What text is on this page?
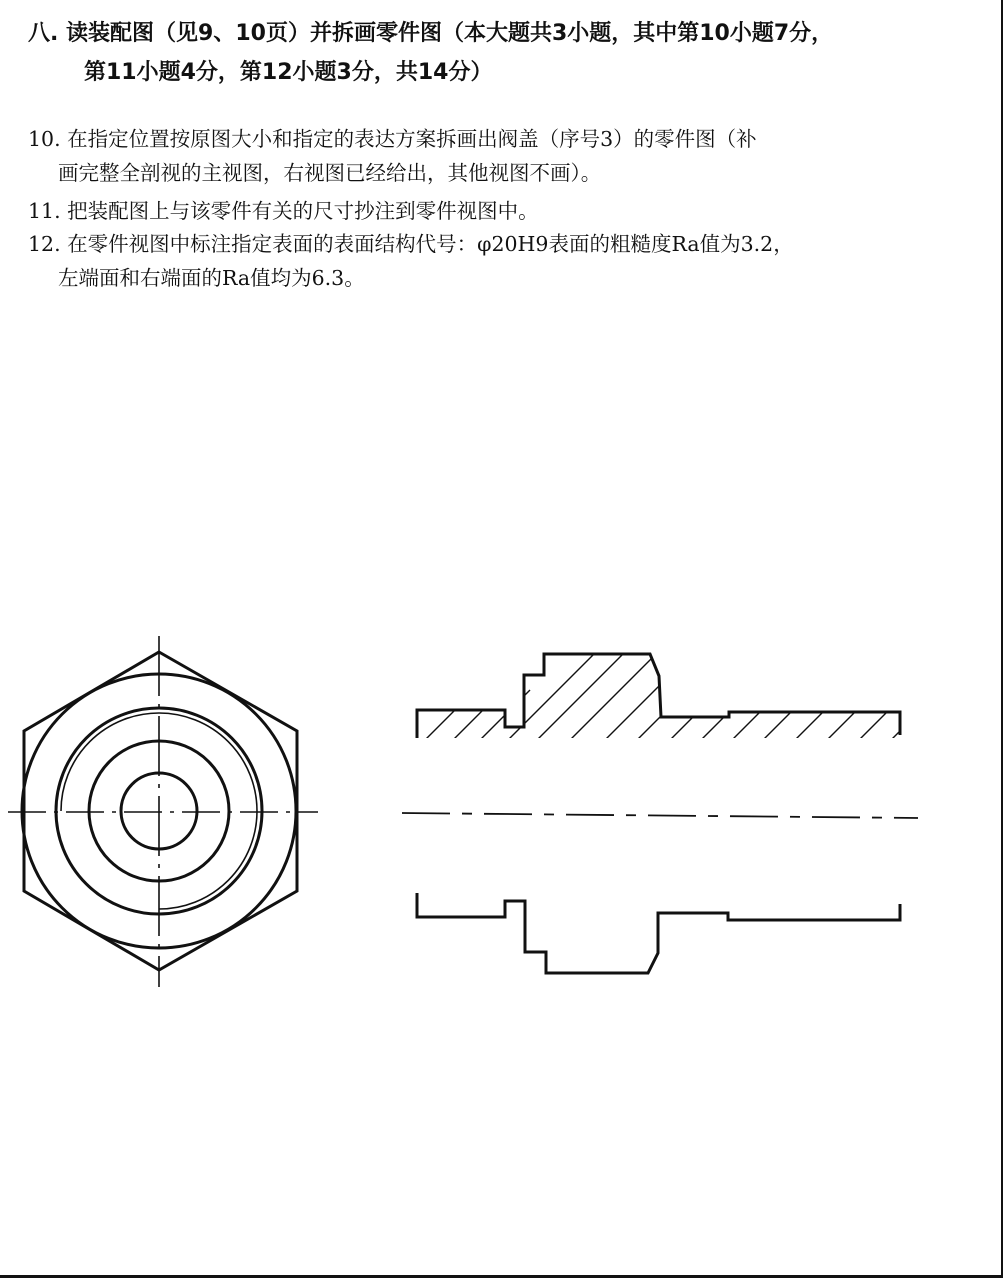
八. 读装配图（见9、10页）并拆画零件图（本大题共3小题，其中第10小题7分，
第11小题4分，第12小题3分，共14分）
10. 在指定位置按原图大小和指定的表达方案拆画出阀盖（序号3）的零件图（补
画完整全剖视的主视图，右视图已经给出，其他视图不画）。
11. 把装配图上与该零件有关的尺寸抄注到零件视图中。
12. 在零件视图中标注指定表面的表面结构代号：φ20H9表面的粗糙度Ra值为3.2，
左端面和右端面的Ra值均为6.3。
